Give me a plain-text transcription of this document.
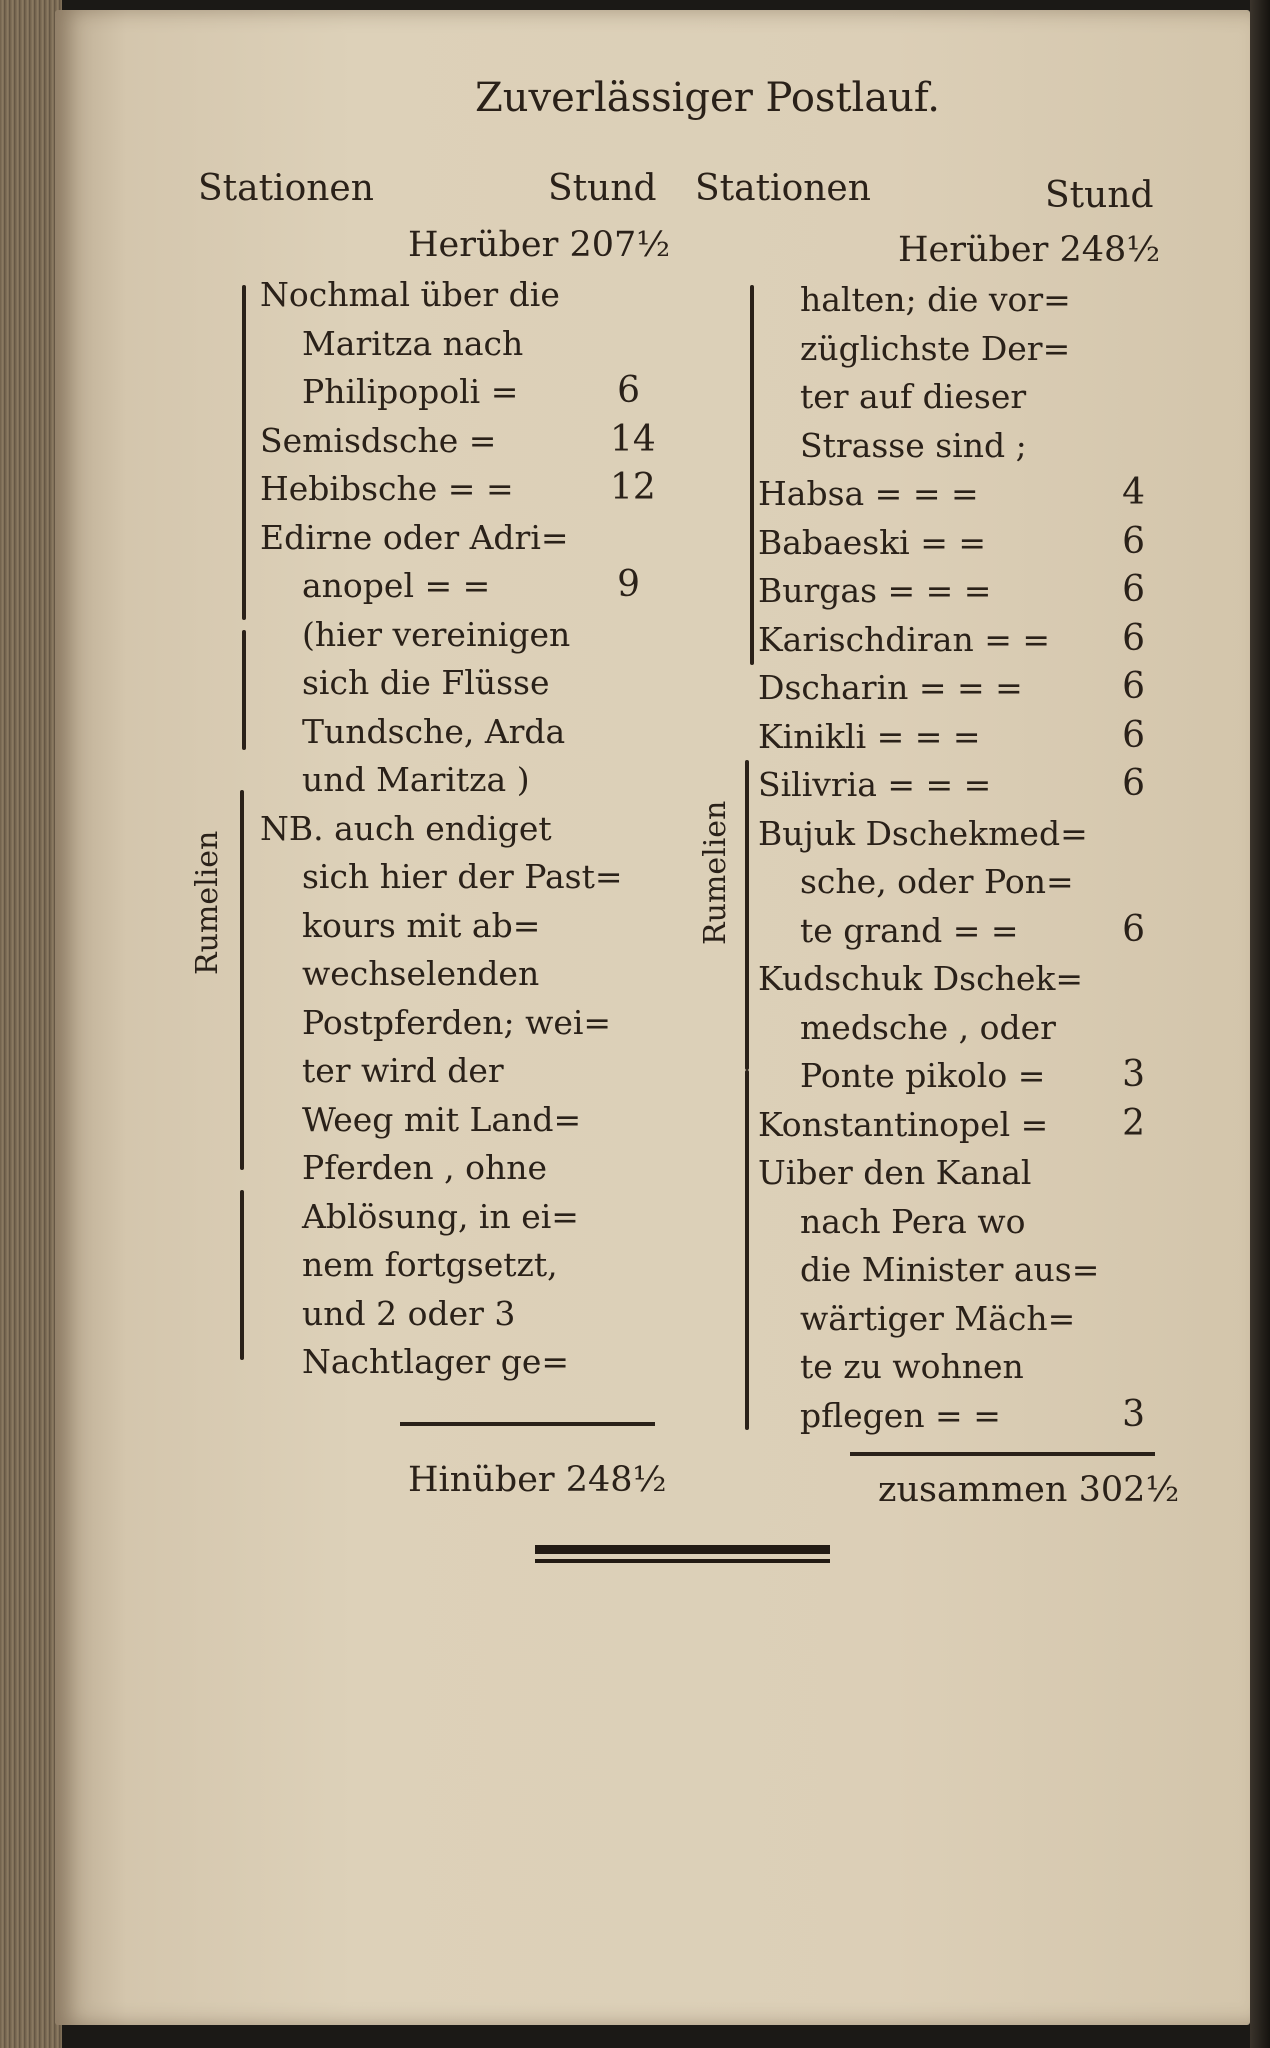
Zuverlässiger Postlauf.
Stationen	Stund Stationen	Stund
Herüber 207½	Herüber 248½
Nochmal über die
Maritza nach
Philipopoli =	6
Semisdsche =	14
Hebibsche = =	12
Edirne oder Adri=
anopel = =	9
(hier vereinigen
sich die Flüsse
Tundsche, Arda
und Maritza )
NB. auch endiget
sich hier der Past=
kours mit ab=
wechselenden
Postpferden; wei=
ter wird der
Weeg mit Land=
Pferden , ohne
Ablösung, in ei=
nem fortgsetzt,
und 2 oder 3
Nachtlager ge=
halten; die vor=
züglichste Der=
ter auf dieser
Strasse sind ;
Habsa = = =	4
Babaeski = =	6
Burgas = = =	6
Karischdiran = = 6
Dscharin = = =	6
Kinikli = = =	6
Silivria = = =	6
Bujuk Dschekmed=
sche, oder Pon=
te grand = =	6
Kudschuk Dschek=
medsche , oder
Ponte pikolo = 3
Konstantinopel = 2
Uiber den Kanal
nach Pera wo
die Minister aus=
wärtiger Mäch=
te zu wohnen
pflegen = =	3
Rumelien	Rumelien
Hinüber 248½	zusammen 302½
